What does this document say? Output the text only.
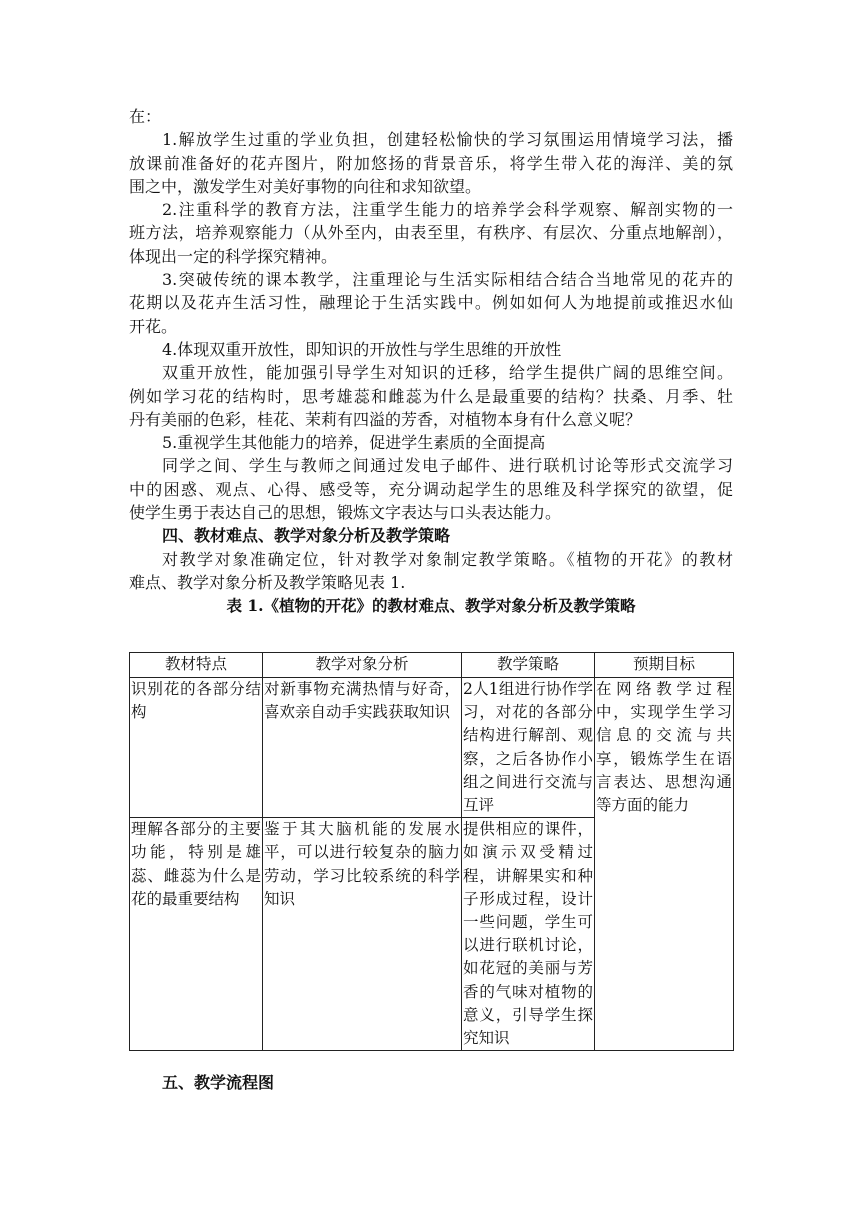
在：
1.解放学生过重的学业负担，创建轻松愉快的学习氛围运用情境学习法，播
放课前准备好的花卉图片，附加悠扬的背景音乐，将学生带入花的海洋、美的氛
围之中，激发学生对美好事物的向往和求知欲望。
2.注重科学的教育方法，注重学生能力的培养学会科学观察、解剖实物的一
班方法，培养观察能力（从外至内，由表至里，有秩序、有层次、分重点地解剖），
体现出一定的科学探究精神。
3.突破传统的课本教学，注重理论与生活实际相结合结合当地常见的花卉的
花期以及花卉生活习性，融理论于生活实践中。例如如何人为地提前或推迟水仙
开花。
4.体现双重开放性，即知识的开放性与学生思维的开放性
双重开放性，能加强引导学生对知识的迁移，给学生提供广阔的思维空间。
例如学习花的结构时，思考雄蕊和雌蕊为什么是最重要的结构？扶桑、月季、牡
丹有美丽的色彩，桂花、茉莉有四溢的芳香，对植物本身有什么意义呢？
5.重视学生其他能力的培养，促进学生素质的全面提高
同学之间、学生与教师之间通过发电子邮件、进行联机讨论等形式交流学习
中的困惑、观点、心得、感受等，充分调动起学生的思维及科学探究的欲望，促
使学生勇于表达自己的思想，锻炼文字表达与口头表达能力。
四、教材难点、教学对象分析及教学策略
对教学对象准确定位，针对教学对象制定教学策略。《植物的开花》的教材
难点、教学对象分析及教学策略见表 1.
表 1.《植物的开花》的教材难点、教学对象分析及教学策略
教材特点	教学对象分析	教学策略	预期目标
识别花的各部分结构	对新事物充满热情与好奇，喜欢亲自动手实践获取知识	2人1组进行协作学习，对花的各部分结构进行解剖、观察，之后各协作小组之间进行交流与互评	在网络教学过程中，实现学生学习信息的交流与共享，锻炼学生在语言表达、思想沟通等方面的能力
理解各部分的主要功能，特别是雄蕊、雌蕊为什么是花的最重要结构	鉴于其大脑机能的发展水平，可以进行较复杂的脑力劳动，学习比较系统的科学知识	提供相应的课件，如演示双受精过程，讲解果实和种子形成过程，设计一些问题，学生可以进行联机讨论，如花冠的美丽与芳香的气味对植物的意义，引导学生探究知识	
五、教学流程图
